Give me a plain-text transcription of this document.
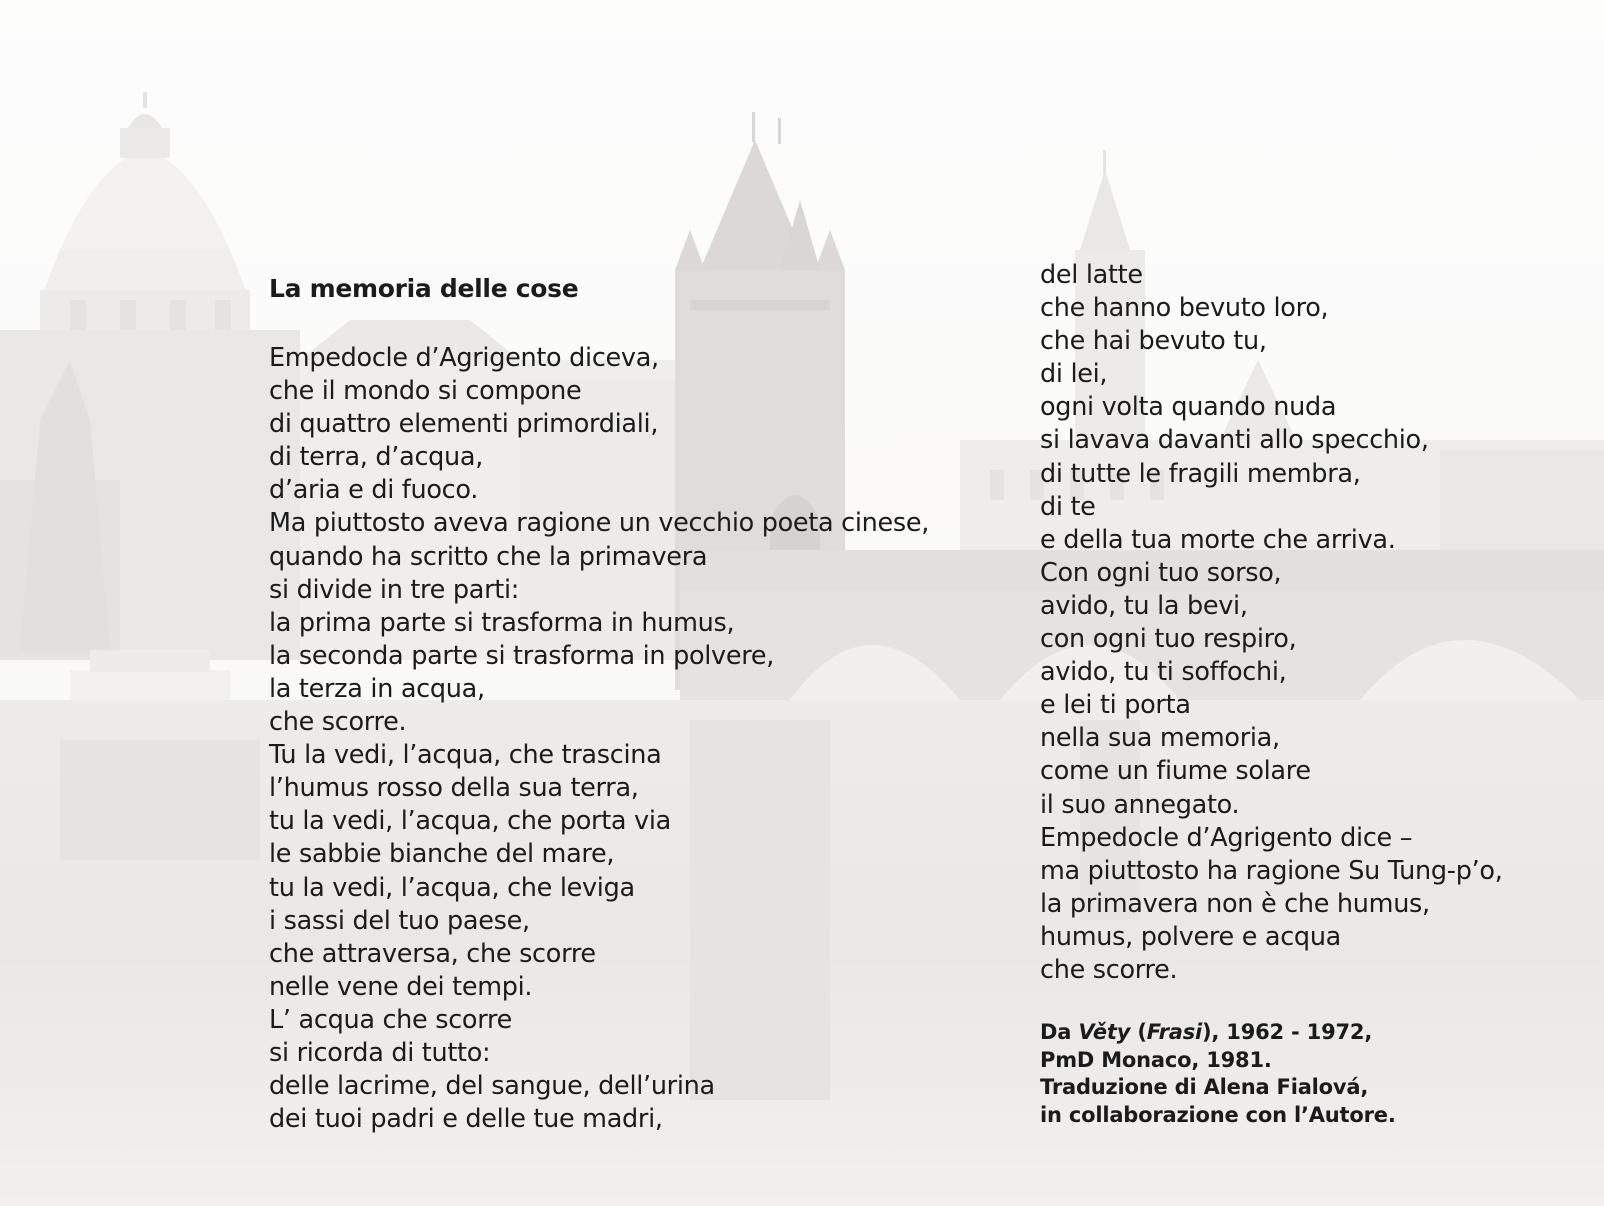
La memoria delle cose
Empedocle d’Agrigento diceva,
che il mondo si compone
di quattro elementi primordiali,
di terra, d’acqua,
d’aria e di fuoco.
Ma piuttosto aveva ragione un vecchio poeta cinese,
quando ha scritto che la primavera
si divide in tre parti:
la prima parte si trasforma in humus,
la seconda parte si trasforma in polvere,
la terza in acqua,
che scorre.
Tu la vedi, l’acqua, che trascina
l’humus rosso della sua terra,
tu la vedi, l’acqua, che porta via
le sabbie bianche del mare,
tu la vedi, l’acqua, che leviga
i sassi del tuo paese,
che attraversa, che scorre
nelle vene dei tempi.
L’ acqua che scorre
si ricorda di tutto:
delle lacrime, del sangue, dell’urina
dei tuoi padri e delle tue madri,
del latte
che hanno bevuto loro,
che hai bevuto tu,
di lei,
ogni volta quando nuda
si lavava davanti allo specchio,
di tutte le fragili membra,
di te
e della tua morte che arriva.
Con ogni tuo sorso,
avido, tu la bevi,
con ogni tuo respiro,
avido, tu ti soffochi,
e lei ti porta
nella sua memoria,
come un fiume solare
il suo annegato.
Empedocle d’Agrigento dice –
ma piuttosto ha ragione Su Tung-p’o,
la primavera non è che humus,
humus, polvere e acqua
che scorre.
Da Věty (Frasi), 1962 - 1972,
PmD Monaco, 1981.
Traduzione di Alena Fialová,
in collaborazione con l’Autore.
